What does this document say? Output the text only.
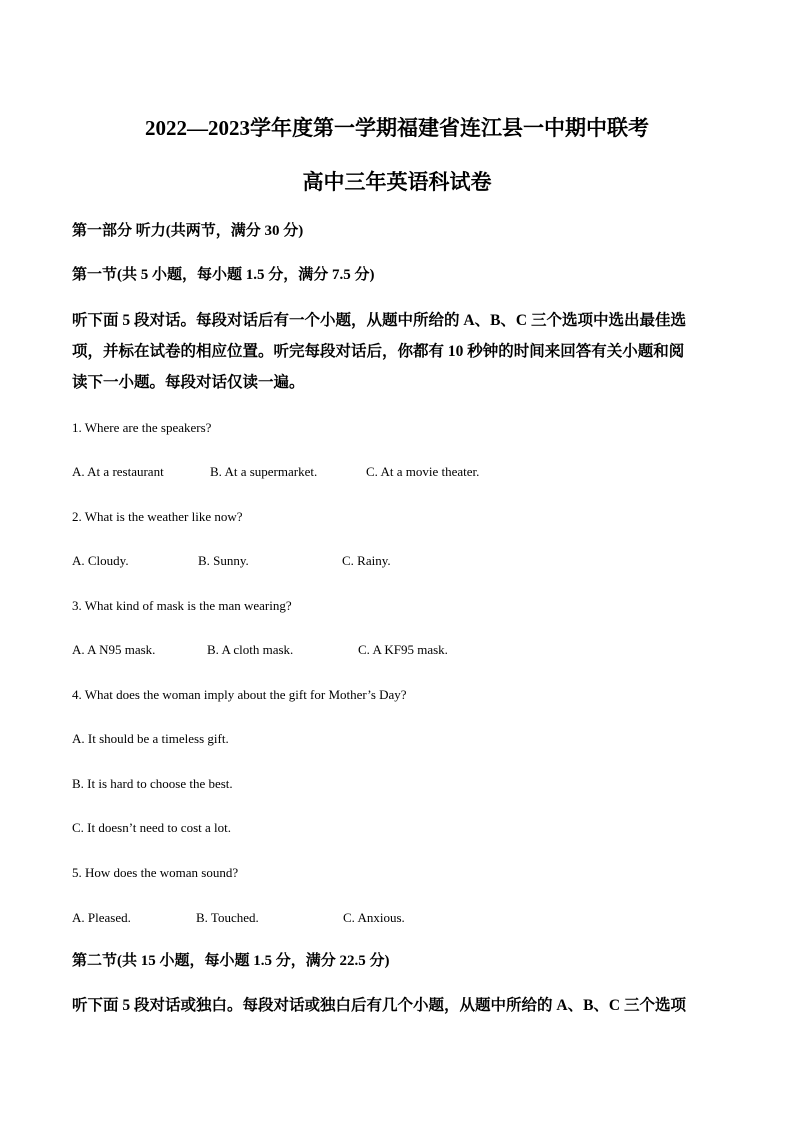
2022—2023学年度第一学期福建省连江县一中期中联考
高中三年英语科试卷
第一部分 听力(共两节，满分 30 分)
第一节(共 5 小题，每小题 1.5 分，满分 7.5 分)
听下面 5 段对话。每段对话后有一个小题，从题中所给的 A、B、C 三个选项中选出最佳选
项，并标在试卷的相应位置。听完每段对话后，你都有 10 秒钟的时间来回答有关小题和阅
读下一小题。每段对话仅读一遍。
1. Where are the speakers?
A. At a restaurant	B. At a supermarket.	C. At a movie theater.
2. What is the weather like now?
A. Cloudy.	B. Sunny.	C. Rainy.
3. What kind of mask is the man wearing?
A. A N95 mask.	B. A cloth mask.	C. A KF95 mask.
4. What does the woman imply about the gift for Mother’s Day?
A. It should be a timeless gift.
B. It is hard to choose the best.
C. It doesn’t need to cost a lot.
5. How does the woman sound?
A. Pleased.	B. Touched.	C. Anxious.
第二节(共 15 小题，每小题 1.5 分，满分 22.5 分)
听下面 5 段对话或独白。每段对话或独白后有几个小题，从题中所给的 A、B、C 三个选项
